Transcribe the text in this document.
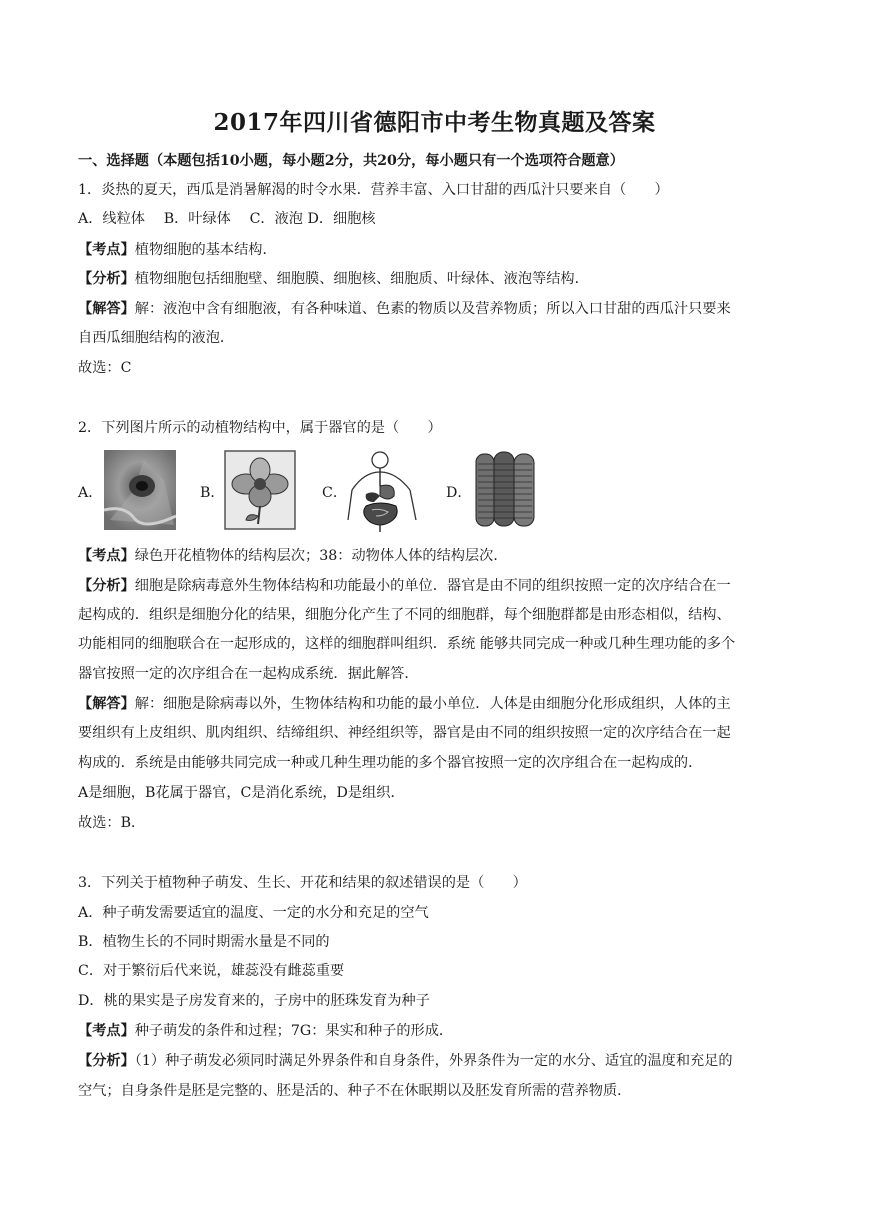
2017年四川省德阳市中考生物真题及答案
一、选择题（本题包括10小题，每小题2分，共20分，每小题只有一个选项符合题意）
1．炎热的夏天，西瓜是消暑解渴的时令水果．营养丰富、入口甘甜的西瓜汁只要来自（　　）
A．线粒体　 B．叶绿体　 C．液泡 D．细胞核
【考点】植物细胞的基本结构．
【分析】植物细胞包括细胞壁、细胞膜、细胞核、细胞质、叶绿体、液泡等结构．
【解答】解：液泡中含有细胞液，有各种味道、色素的物质以及营养物质；所以入口甘甜的西瓜汁只要来
自西瓜细胞结构的液泡．
故选：C
2．下列图片所示的动植物结构中，属于器官的是（　　）
A．	B．	C．	D．
【考点】绿色开花植物体的结构层次；38：动物体人体的结构层次．
【分析】细胞是除病毒意外生物体结构和功能最小的单位．器官是由不同的组织按照一定的次序结合在一
起构成的．组织是细胞分化的结果，细胞分化产生了不同的细胞群，每个细胞群都是由形态相似，结构、
功能相同的细胞联合在一起形成的，这样的细胞群叫组织．系统 能够共同完成一种或几种生理功能的多个
器官按照一定的次序组合在一起构成系统．据此解答．
【解答】解：细胞是除病毒以外，生物体结构和功能的最小单位．人体是由细胞分化形成组织，人体的主
要组织有上皮组织、肌肉组织、结缔组织、神经组织等，器官是由不同的组织按照一定的次序结合在一起
构成的．系统是由能够共同完成一种或几种生理功能的多个器官按照一定的次序组合在一起构成的．
A是细胞，B花属于器官，C是消化系统，D是组织．
故选：B．
3．下列关于植物种子萌发、生长、开花和结果的叙述错误的是（　　）
A．种子萌发需要适宜的温度、一定的水分和充足的空气
B．植物生长的不同时期需水量是不同的
C．对于繁衍后代来说，雄蕊没有雌蕊重要
D．桃的果实是子房发育来的，子房中的胚珠发育为种子
【考点】种子萌发的条件和过程；7G：果实和种子的形成．
【分析】（1）种子萌发必须同时满足外界条件和自身条件，外界条件为一定的水分、适宜的温度和充足的
空气；自身条件是胚是完整的、胚是活的、种子不在休眠期以及胚发育所需的营养物质．
